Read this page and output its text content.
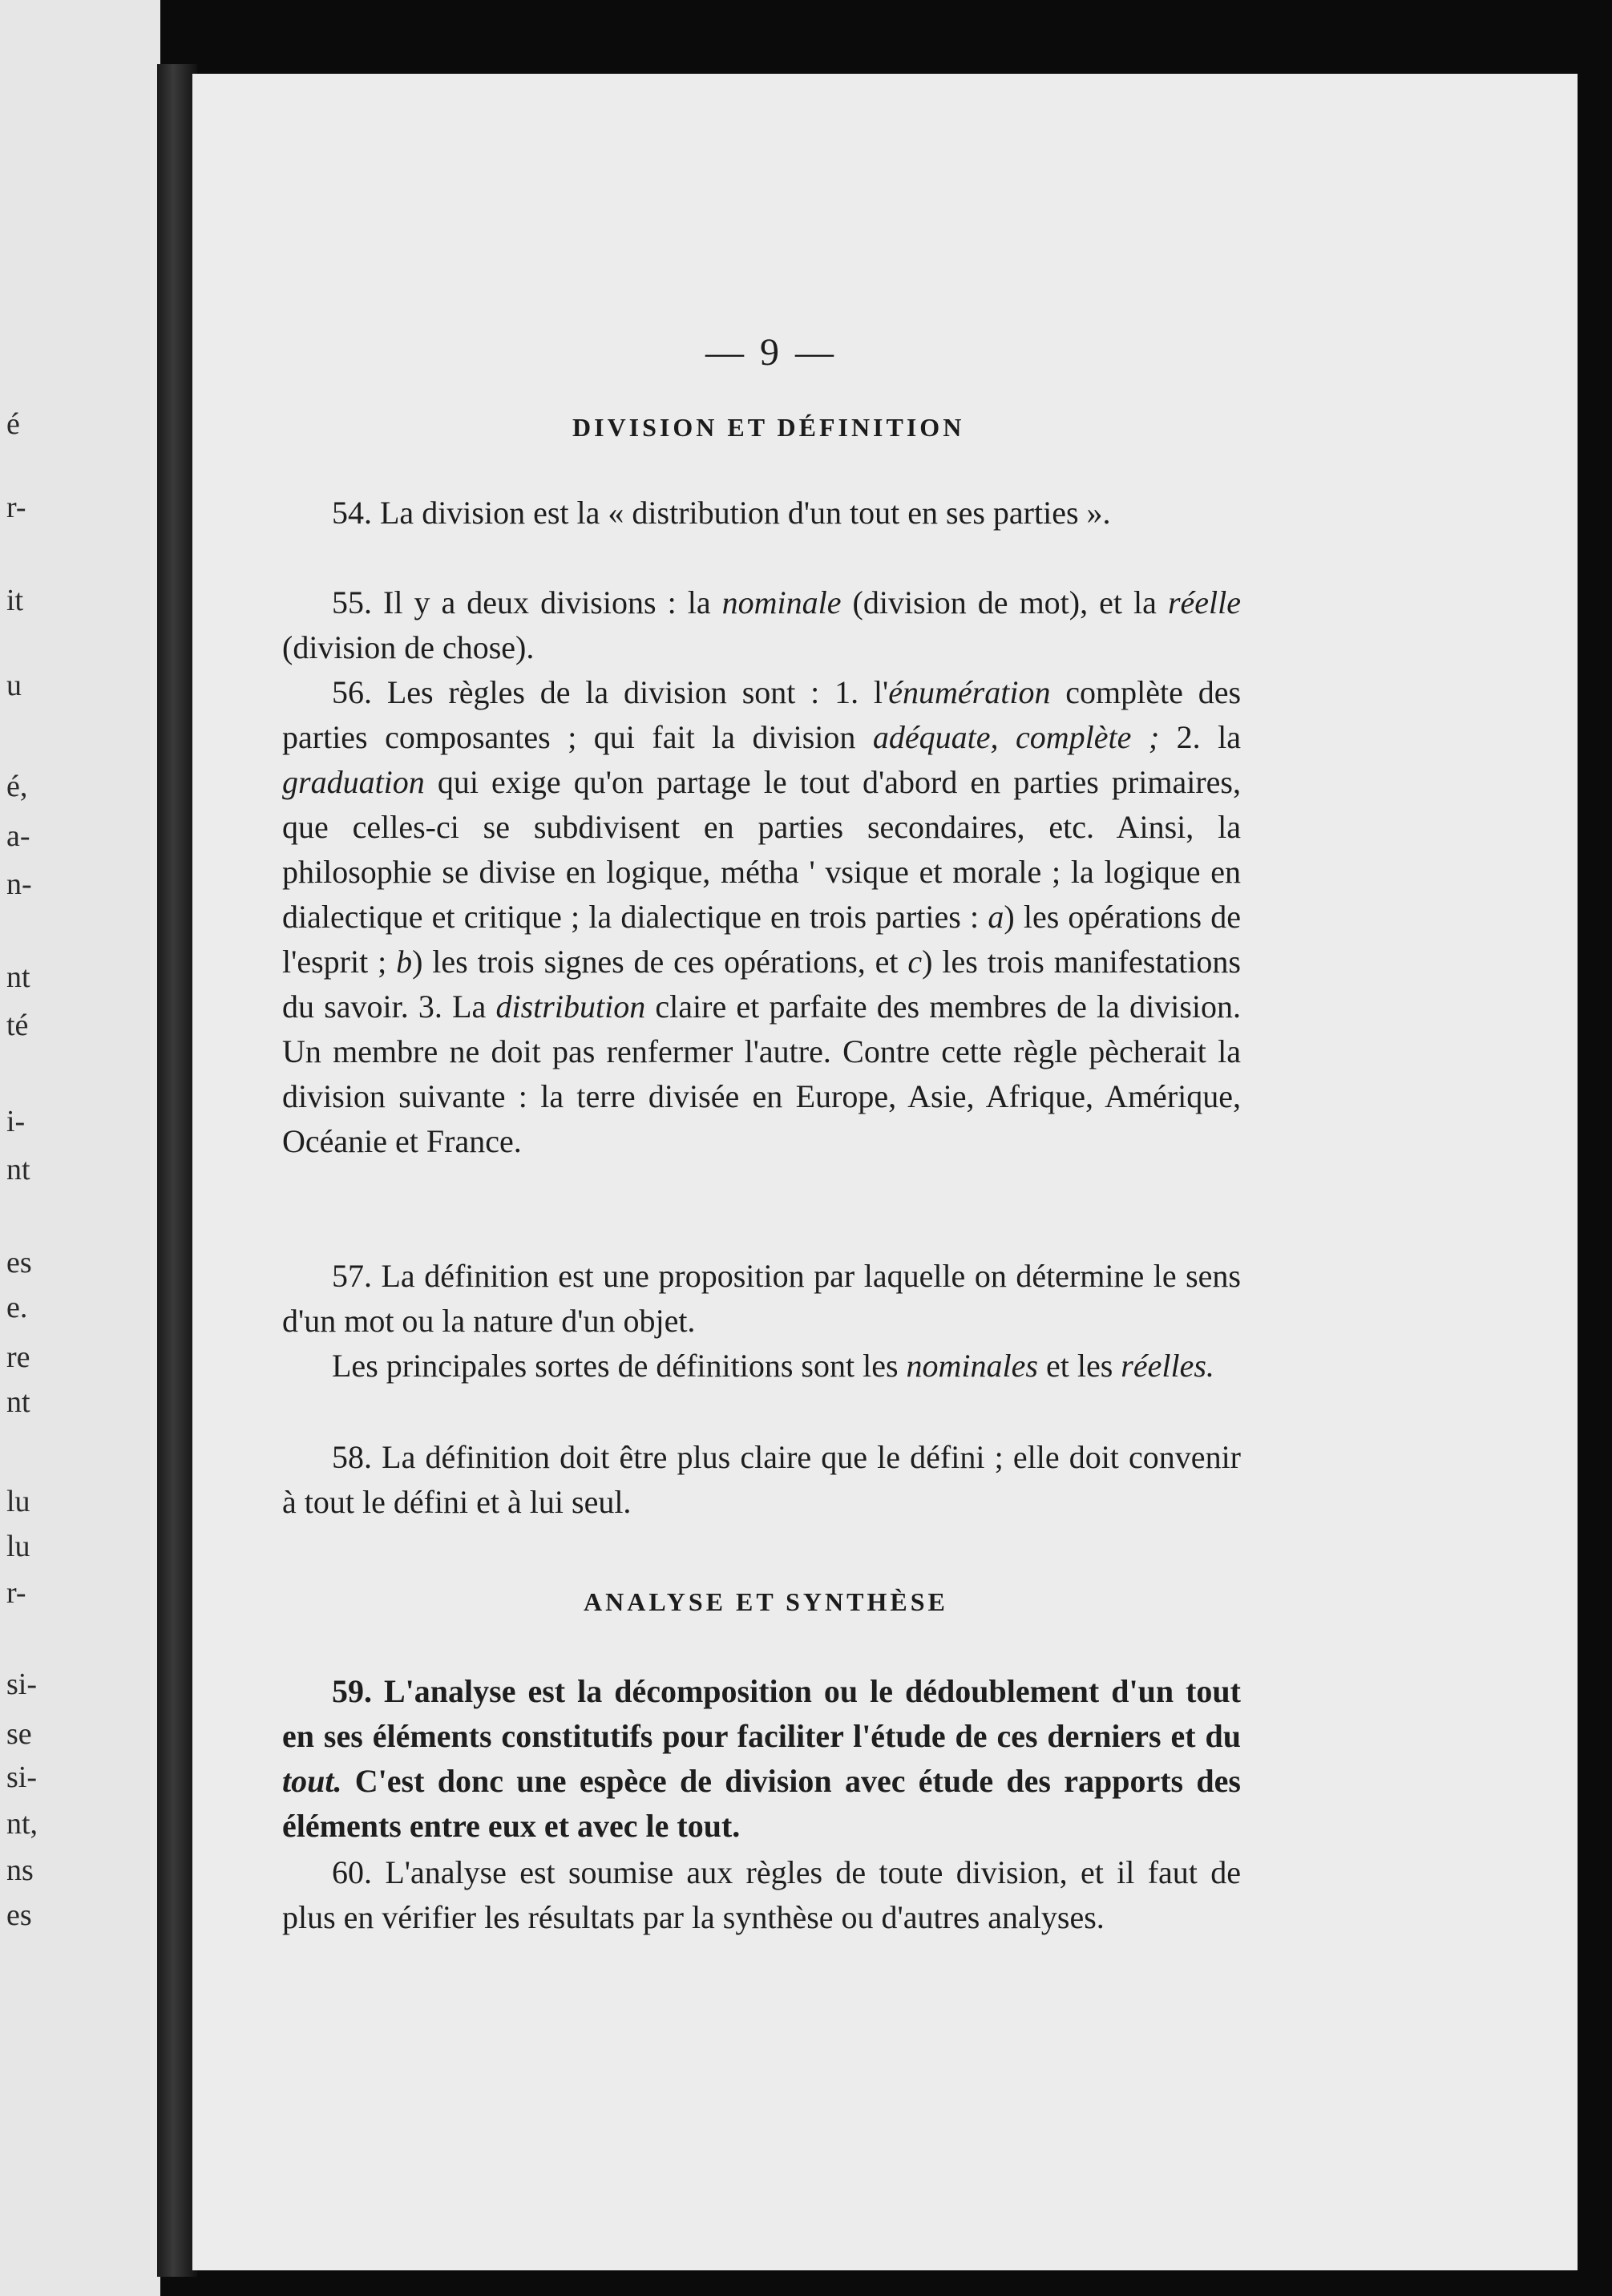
é
r-
it
u
é,
a-
n-
nt
té
i-
nt
es
e.
re
nt
lu
lu
r-
si-
se
si-
nt,
ns
es
— 9 —
DIVISION ET DÉFINITION
54. La division est la « distribution d'un tout en ses parties ».
55. Il y a deux divisions : la nominale (division de mot), et la réelle (division de chose).
56. Les règles de la division sont : 1. l'énumération complète des parties composantes ; qui fait la division adéquate, complète ; 2. la graduation qui exige qu'on partage le tout d'abord en parties primaires, que celles-ci se subdivisent en parties secondaires, etc. Ainsi, la philosophie se divise en logique, métha ' vsique et morale ; la logique en dialectique et critique ; la dialectique en trois parties : a) les opérations de l'esprit ; b) les trois signes de ces opérations, et c) les trois manifestations du savoir. 3. La distribution claire et parfaite des membres de la division. Un membre ne doit pas renfermer l'autre. Contre cette règle pècherait la division suivante : la terre divisée en Europe, Asie, Afrique, Amérique, Océanie et France.
57. La définition est une proposition par laquelle on détermine le sens d'un mot ou la nature d'un objet.
Les principales sortes de définitions sont les nominales et les réelles.
58. La définition doit être plus claire que le défini ; elle doit convenir à tout le défini et à lui seul.
ANALYSE ET SYNTHÈSE
59. L'analyse est la décomposition ou le dédoublement d'un tout en ses éléments constitutifs pour faciliter l'étude de ces derniers et du tout. C'est donc une espèce de division avec étude des rapports des éléments entre eux et avec le tout.
60. L'analyse est soumise aux règles de toute division, et il faut de plus en vérifier les résultats par la synthèse ou d'autres analyses.
